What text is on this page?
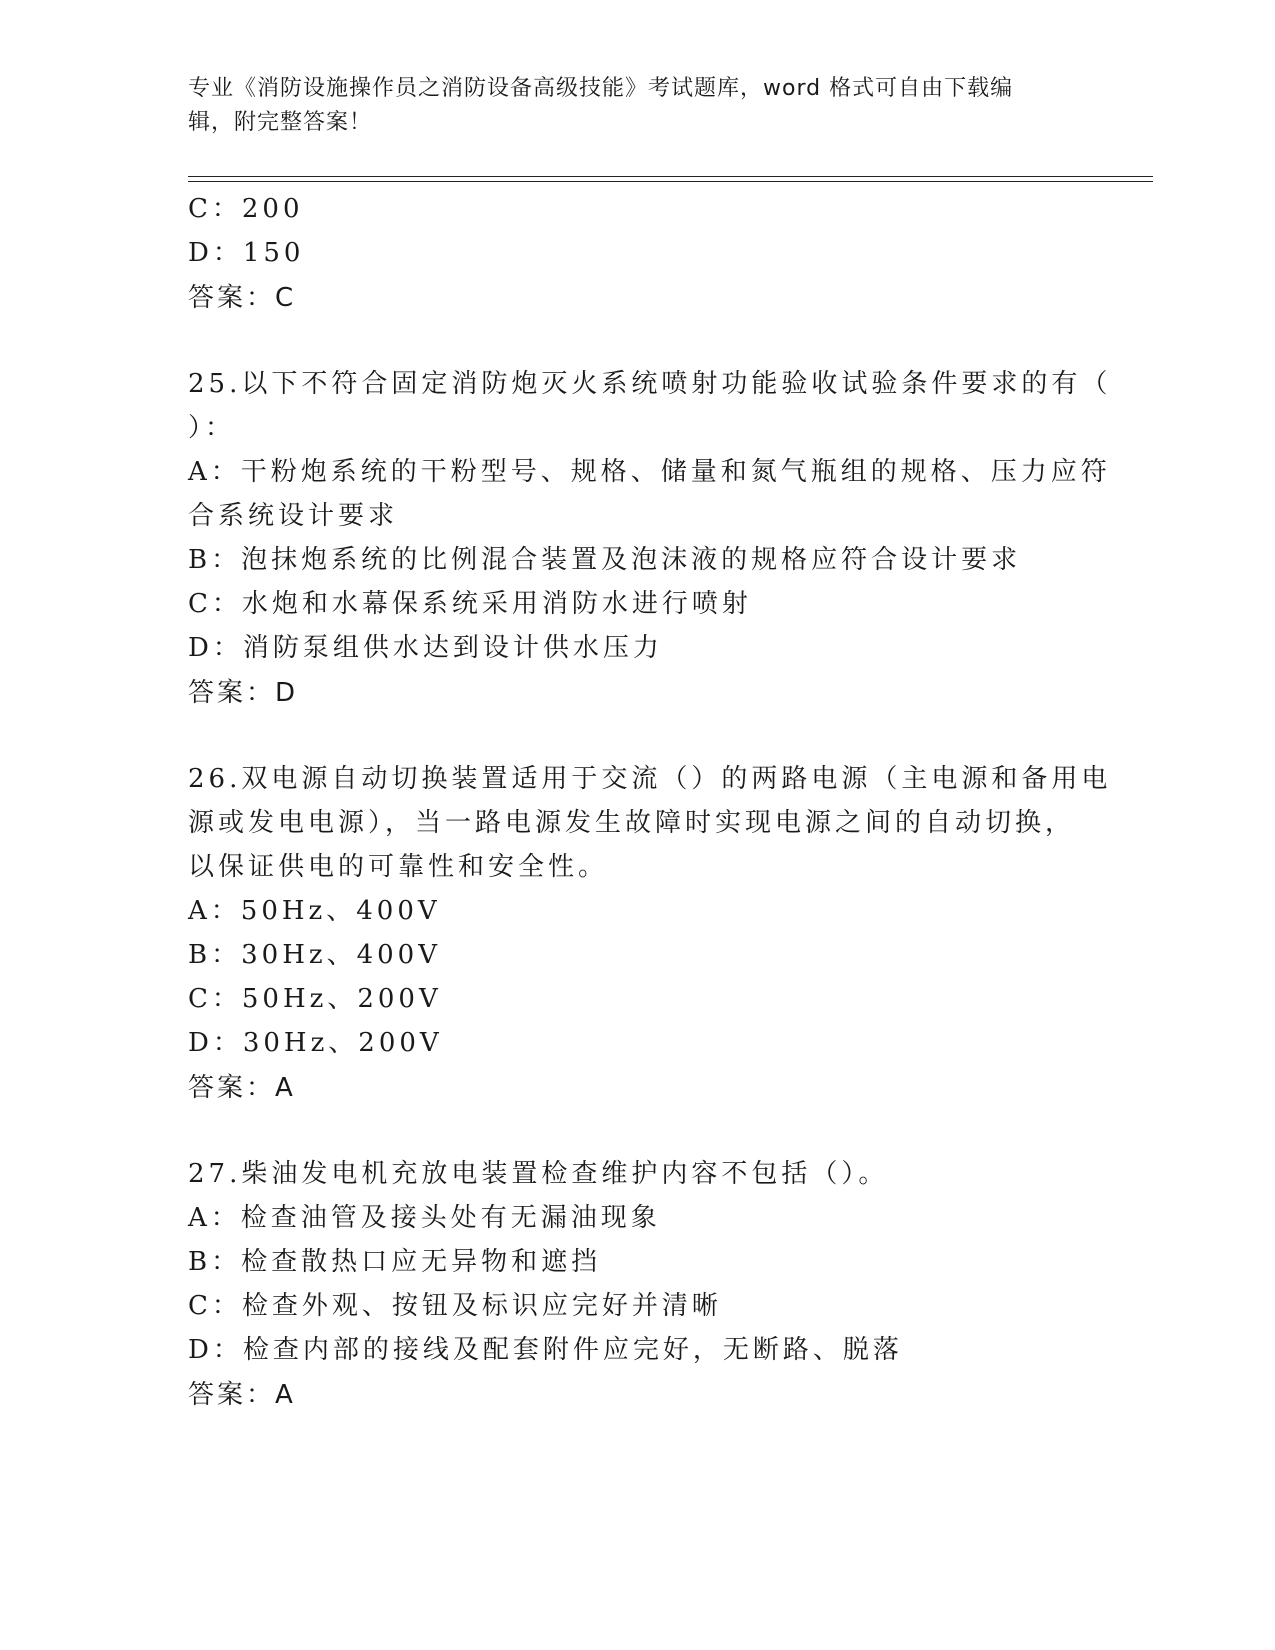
专业《消防设施操作员之消防设备高级技能》考试题库，word 格式可自由下载编
辑，附完整答案！
C：200
D：150
答案：C
25.以下不符合固定消防炮灭火系统喷射功能验收试验条件要求的有（
）：
A：干粉炮系统的干粉型号、规格、储量和氮气瓶组的规格、压力应符
合系统设计要求
B：泡抹炮系统的比例混合装置及泡沫液的规格应符合设计要求
C：水炮和水幕保系统采用消防水进行喷射
D：消防泵组供水达到设计供水压力
答案：D
26.双电源自动切换装置适用于交流（）的两路电源（主电源和备用电
源或发电电源），当一路电源发生故障时实现电源之间的自动切换，
以保证供电的可靠性和安全性。
A：50Hz、400V
B：30Hz、400V
C：50Hz、200V
D：30Hz、200V
答案：A
27.柴油发电机充放电装置检查维护内容不包括（）。
A：检查油管及接头处有无漏油现象
B：检查散热口应无异物和遮挡
C：检查外观、按钮及标识应完好并清晰
D：检查内部的接线及配套附件应完好，无断路、脱落
答案：A
